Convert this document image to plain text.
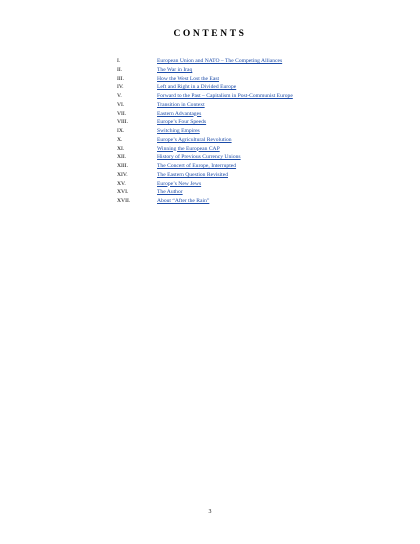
CONTENTS
I.	European Union and NATO – The Competing Alliances
II.	The War in Iraq
III.	How the West Lost the East
IV.	Left and Right in a Divided Europe
V.	Forward to the Past – Capitalism in Post-Communist Europe
VI.	Transition in Context
VII.	Eastern Advantages
VIII.	Europe’s Four Speeds
IX.	Switching Empires
X.	Europe’s Agricultural Revolution
XI.	Winning the European CAP
XII.	History of Previous Currency Unions
XIII.	The Concert of Europe, Interrupted
XIV.	The Eastern Question Revisited
XV.	Europe’s New Jews
XVI.	The Author
XVII.	About “After the Rain”
3
